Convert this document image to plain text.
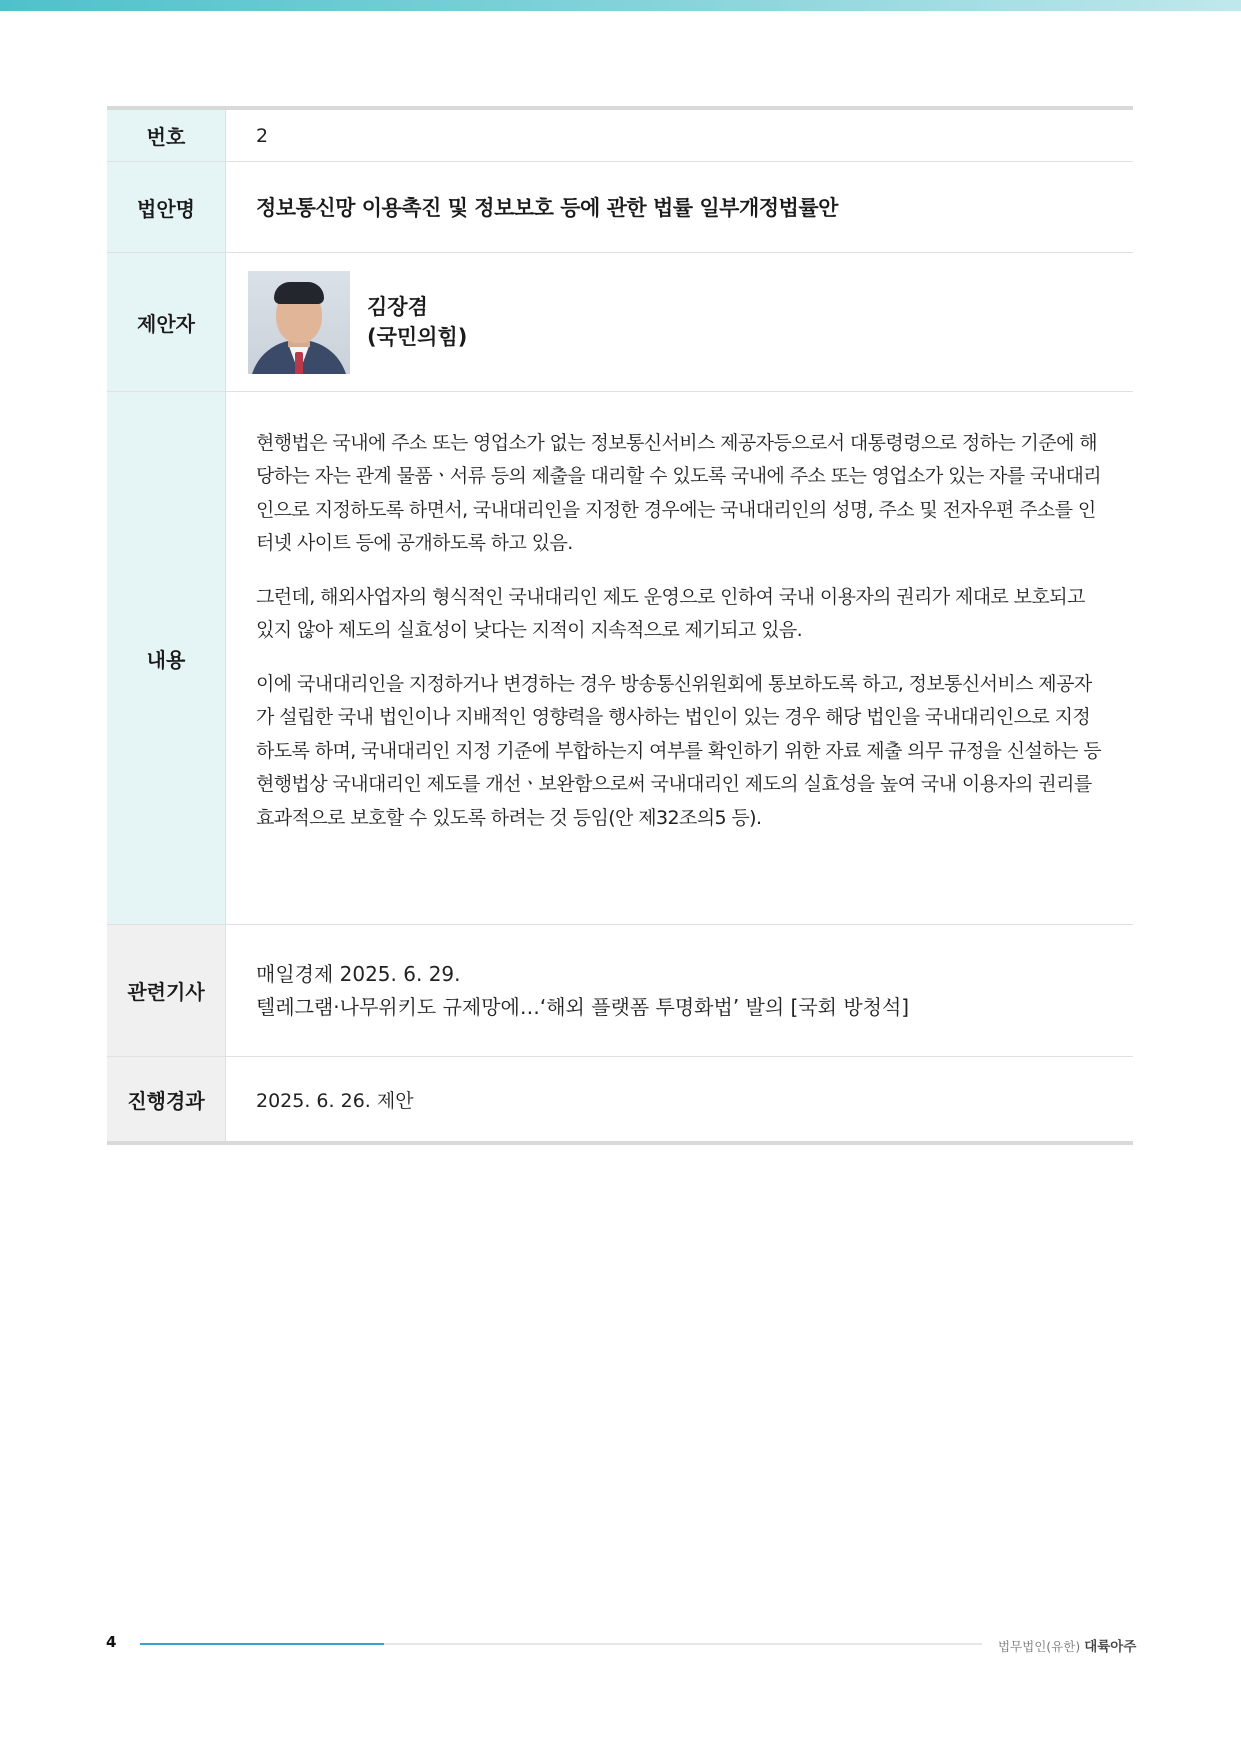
번호	2
법안명	정보통신망 이용촉진 및 정보보호 등에 관한 법률 일부개정법률안
제안자	김장겸
(국민의힘)

내용	현행법은 국내에 주소 또는 영업소가 없는 정보통신서비스 제공자등으로서 대통령령으로 정하는 기준에 해당하는 자는 관계 물품ㆍ서류 등의 제출을 대리할 수 있도록 국내에 주소 또는 영업소가 있는 자를 국내대리인으로 지정하도록 하면서, 국내대리인을 지정한 경우에는 국내대리인의 성명, 주소 및 전자우편 주소를 인터넷 사이트 등에 공개하도록 하고 있음.

그런데, 해외사업자의 형식적인 국내대리인 제도 운영으로 인하여 국내 이용자의 권리가 제대로 보호되고 있지 않아 제도의 실효성이 낮다는 지적이 지속적으로 제기되고 있음.

이에 국내대리인을 지정하거나 변경하는 경우 방송통신위원회에 통보하도록 하고, 정보통신서비스 제공자가 설립한 국내 법인이나 지배적인 영향력을 행사하는 법인이 있는 경우 해당 법인을 국내대리인으로 지정하도록 하며, 국내대리인 지정 기준에 부합하는지 여부를 확인하기 위한 자료 제출 의무 규정을 신설하는 등 현행법상 국내대리인 제도를 개선ㆍ보완함으로써 국내대리인 제도의 실효성을 높여 국내 이용자의 권리를 효과적으로 보호할 수 있도록 하려는 것 등임(안 제32조의5 등).

관련기사	매일경제 2025. 6. 29.
텔레그램·나무위키도 규제망에…‘해외 플랫폼 투명화법’ 발의 [국회 방청석]

진행경과	2025. 6. 26. 제안
4	법무법인(유한) 대륙아주
